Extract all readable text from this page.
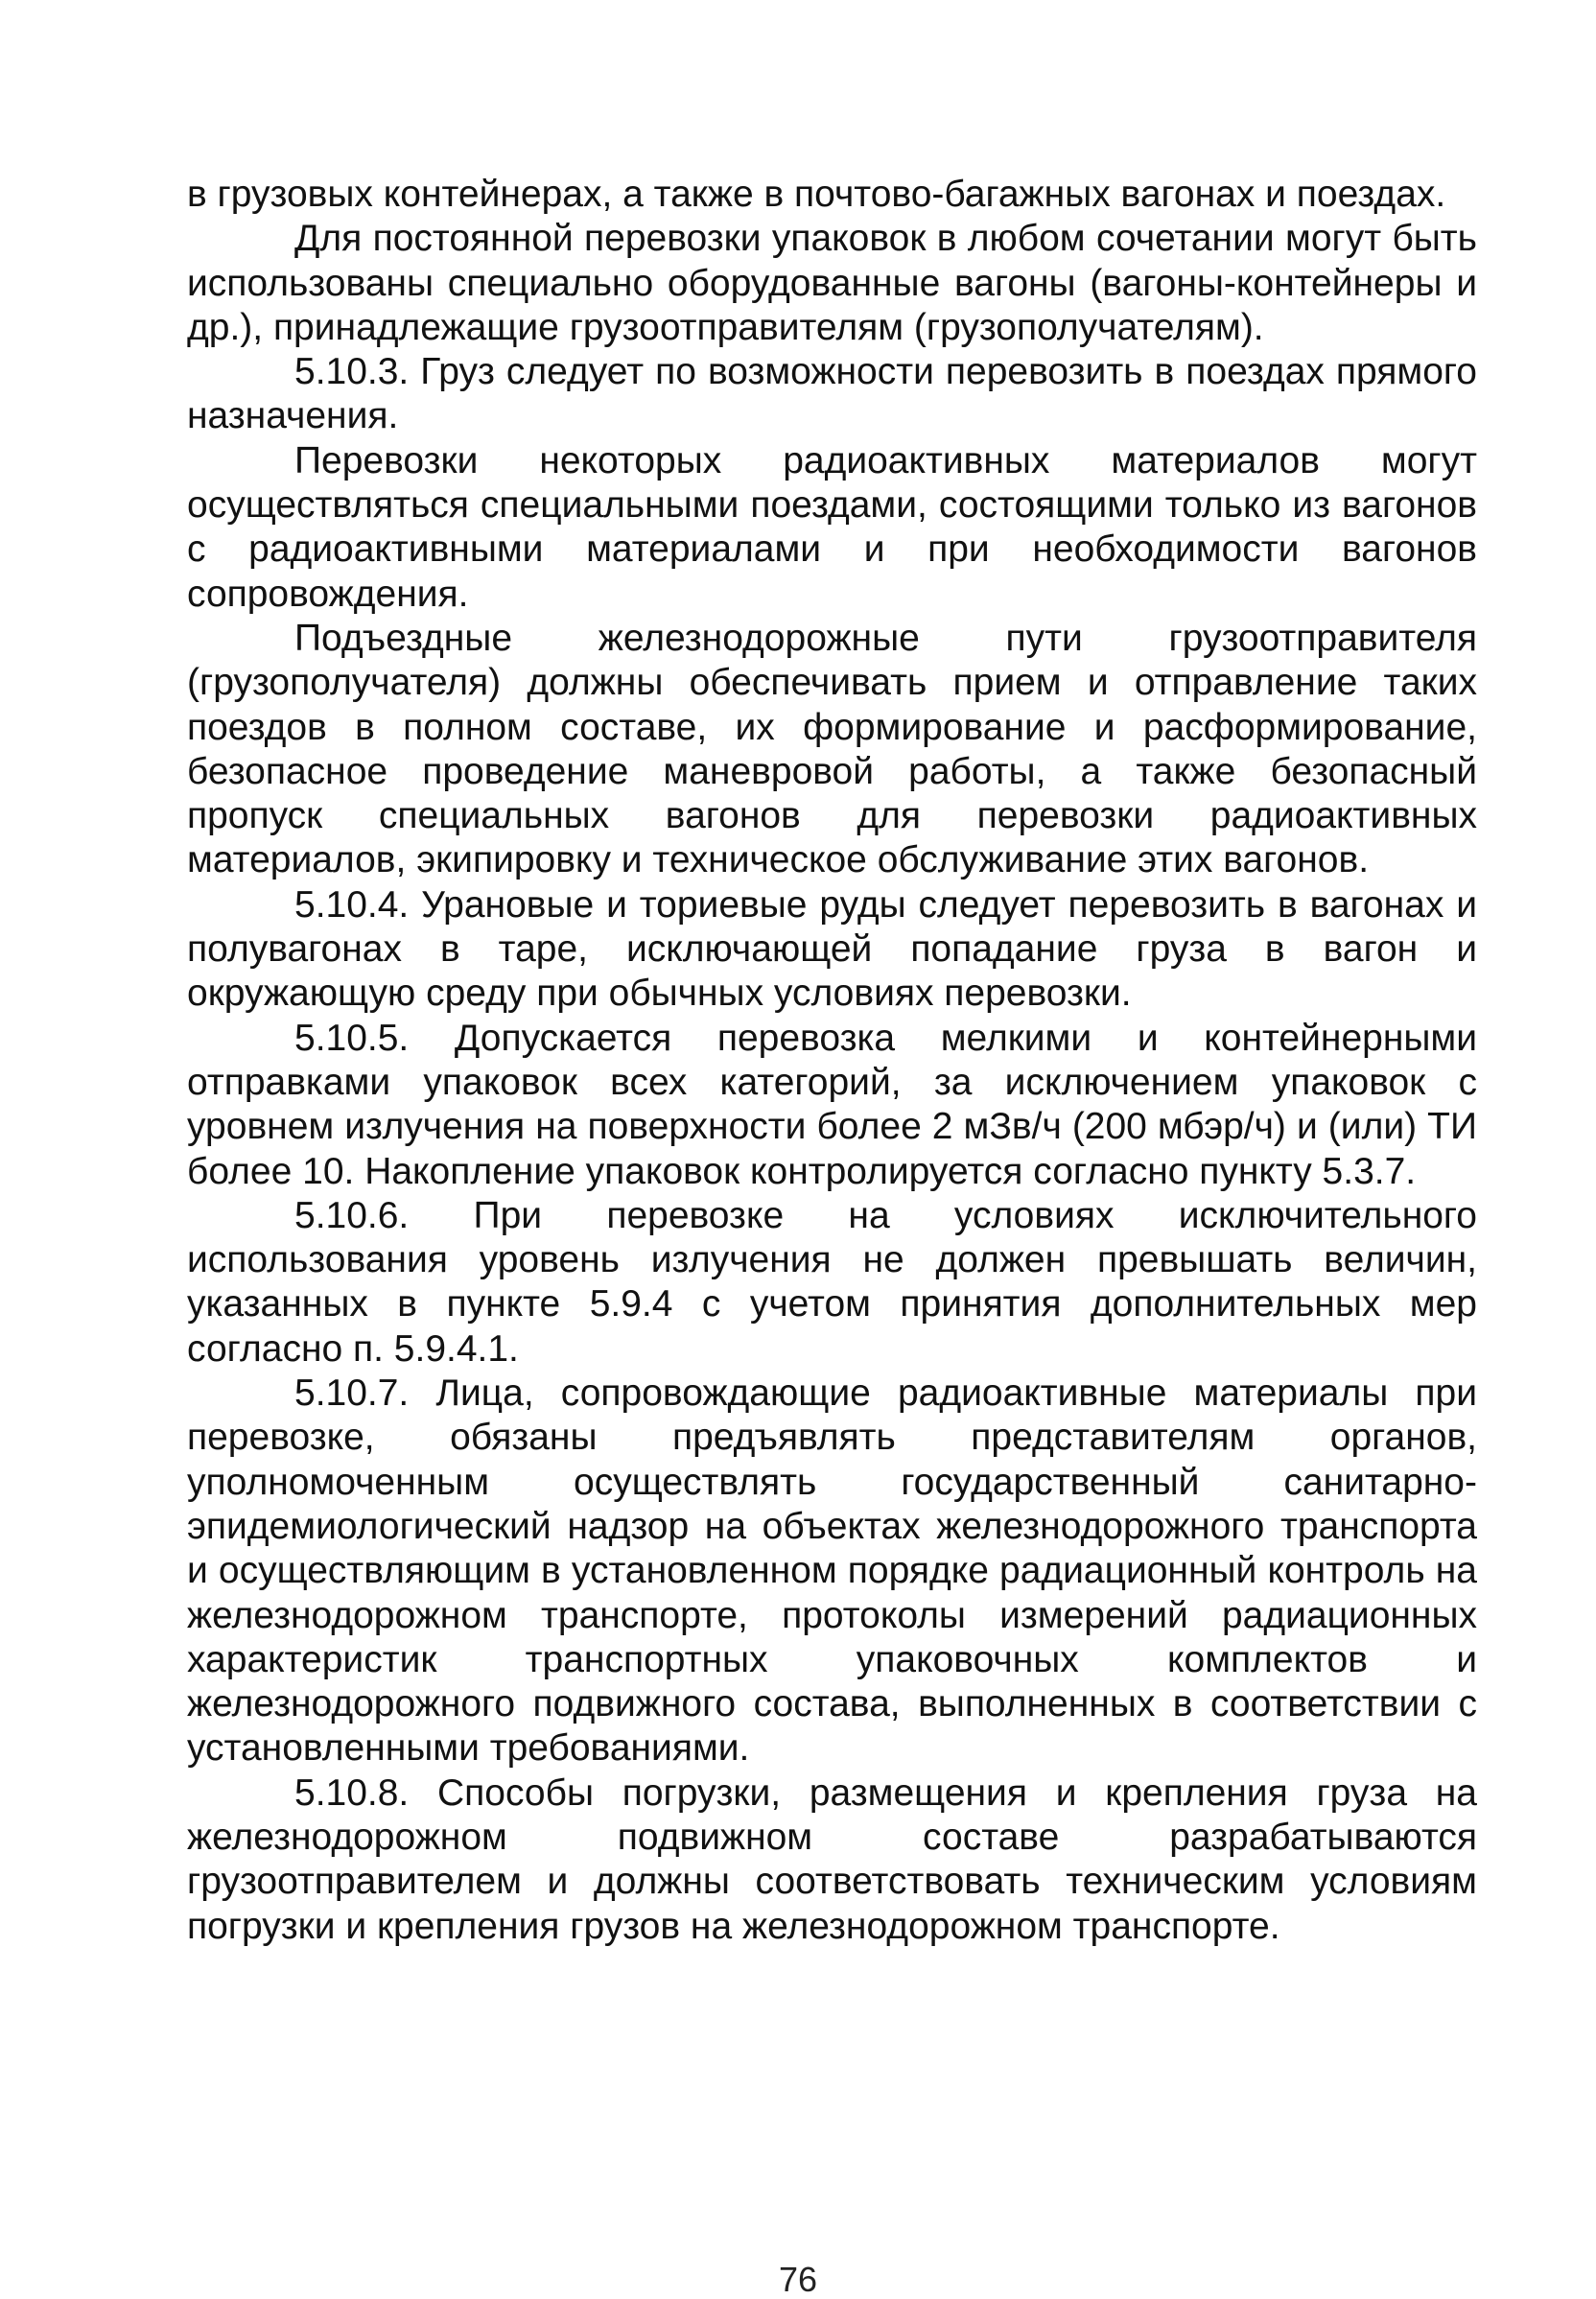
в грузовых контейнерах, а также в почтово-багажных вагонах и поездах.

Для постоянной перевозки упаковок в любом сочетании могут быть использованы специально оборудованные вагоны (вагоны-контейнеры и др.), принадлежащие грузоотправителям (грузополучателям).

5.10.3. Груз следует по возможности перевозить в поездах прямого назначения.

Перевозки некоторых радиоактивных материалов могут осуществляться специальными поездами, состоящими только из вагонов с радиоактивными материалами и при необходимости вагонов сопровождения.

Подъездные железнодорожные пути грузоотправителя (грузополучателя) должны обеспечивать прием и отправление таких поездов в полном составе, их формирование и расформирование, безопасное проведение маневровой работы, а также безопасный пропуск специальных вагонов для перевозки радиоактивных материалов, экипировку и техническое обслуживание этих вагонов.

5.10.4. Урановые и ториевые руды следует перевозить в вагонах и полувагонах в таре, исключающей попадание груза в вагон и окружающую среду при обычных условиях перевозки.

5.10.5. Допускается перевозка мелкими и контейнерными отправками упаковок всех категорий, за исключением упаковок с уровнем излучения на поверхности более 2 мЗв/ч (200 мбэр/ч) и (или) ТИ более 10. Накопление упаковок контролируется согласно пункту 5.3.7.

5.10.6. При перевозке на условиях исключительного использования уровень излучения не должен превышать величин, указанных в пункте 5.9.4 с учетом принятия дополнительных мер согласно п. 5.9.4.1.

5.10.7. Лица, сопровождающие радиоактивные материалы при перевозке, обязаны предъявлять представителям органов, уполномоченным осуществлять государственный санитарно-эпидемиологический надзор на объектах железнодорожного транспорта и осуществляющим в установленном порядке радиационный контроль на железнодорожном транспорте, протоколы измерений радиационных характеристик транспортных упаковочных комплектов и железнодорожного подвижного состава, выполненных в соответствии с установленными требованиями.

5.10.8. Способы погрузки, размещения и крепления груза на железнодорожном подвижном составе разрабатываются грузоотправителем и должны соответствовать техническим условиям погрузки и крепления грузов на железнодорожном транспорте.

76
